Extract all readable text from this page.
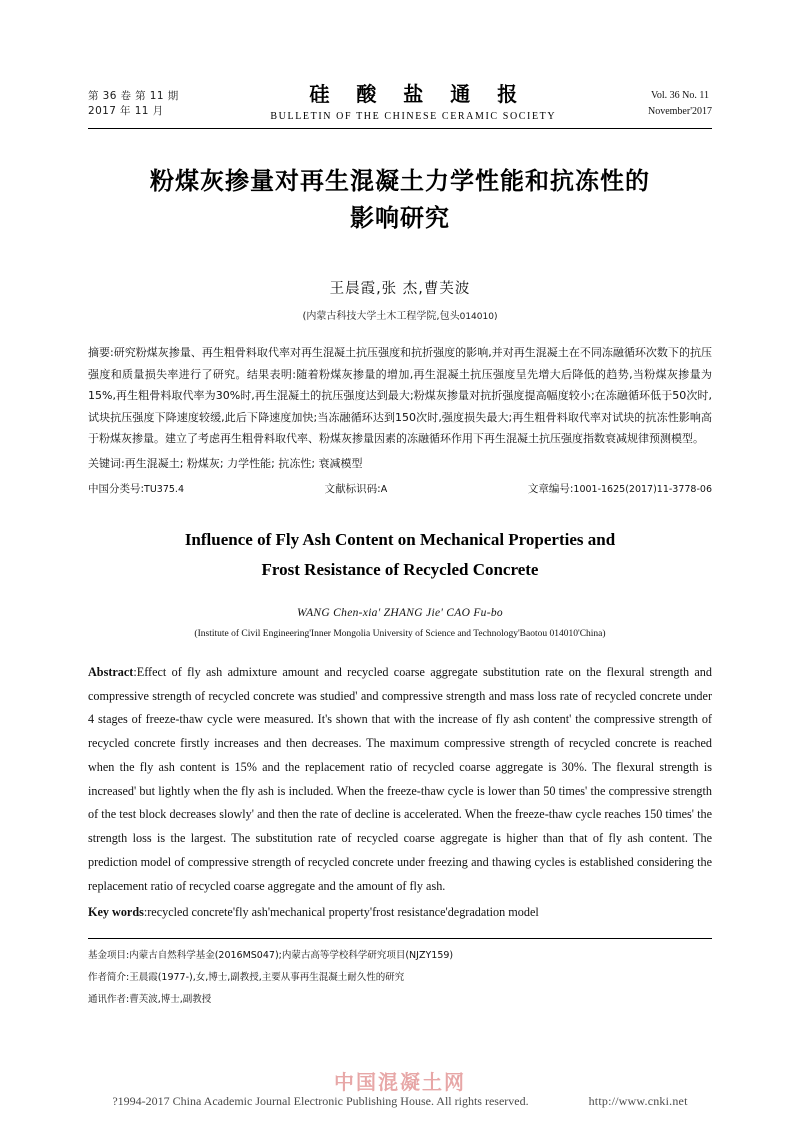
第 36 卷 第 11 期
2017 年 11 月
硅 酸 盐 通 报
BULLETIN OF THE CHINESE CERAMIC SOCIETY
Vol. 36 No. 11
November'2017
粉煤灰掺量对再生混凝土力学性能和抗冻性的
影响研究
王晨霞,张 杰,曹芙波
(内蒙古科技大学土木工程学院,包头014010)
摘要:研究粉煤灰掺量、再生粗骨料取代率对再生混凝土抗压强度和抗折强度的影响,并对再生混凝土在不同冻融循环次数下的抗压强度和质量损失率进行了研究。结果表明:随着粉煤灰掺量的增加,再生混凝土抗压强度呈先增大后降低的趋势,当粉煤灰掺量为15%,再生粗骨料取代率为30%时,再生混凝土的抗压强度达到最大;粉煤灰掺量对抗折强度提高幅度较小;在冻融循环低于50次时,试块抗压强度下降速度较缓,此后下降速度加快;当冻融循环达到150次时,强度损失最大;再生粗骨料取代率对试块的抗冻性影响高于粉煤灰掺量。建立了考虑再生粗骨料取代率、粉煤灰掺量因素的冻融循环作用下再生混凝土抗压强度指数衰减规律预测模型。
关键词:再生混凝土; 粉煤灰; 力学性能; 抗冻性; 衰减模型
中国分类号:TU375.4	文献标识码:A	文章编号:1001-1625(2017)11-3778-06
Influence of Fly Ash Content on Mechanical Properties and
Frost Resistance of Recycled Concrete
WANG Chen-xia' ZHANG Jie' CAO Fu-bo
(Institute of Civil Engineering'Inner Mongolia University of Science and Technology'Baotou 014010'China)
Abstract:Effect of fly ash admixture amount and recycled coarse aggregate substitution rate on the flexural strength and compressive strength of recycled concrete was studied' and compressive strength and mass loss rate of recycled concrete under 4 stages of freeze-thaw cycle were measured. It's shown that with the increase of fly ash content' the compressive strength of recycled concrete firstly increases and then decreases. The maximum compressive strength of recycled concrete is reached when the fly ash content is 15% and the replacement ratio of recycled coarse aggregate is 30%. The flexural strength is increased' but lightly when the fly ash is included. When the freeze-thaw cycle is lower than 50 times' the compressive strength of the test block decreases slowly' and then the rate of decline is accelerated. When the freeze-thaw cycle reaches 150 times' the strength loss is the largest. The substitution rate of recycled coarse aggregate is higher than that of fly ash content. The prediction model of compressive strength of recycled concrete under freezing and thawing cycles is established considering the replacement ratio of recycled coarse aggregate and the amount of fly ash.
Key words:recycled concrete'fly ash'mechanical property'frost resistance'degradation model
基金项目:内蒙古自然科学基金(2016MS047);内蒙古高等学校科学研究项目(NJZY159)
作者简介:王晨霞(1977-),女,博士,副教授,主要从事再生混凝土耐久性的研究
通讯作者:曹芙波,博士,副教授
中国混凝土网
?1994-2017 China Academic Journal Electronic Publishing House. All rights reserved.	http://www.cnki.net
